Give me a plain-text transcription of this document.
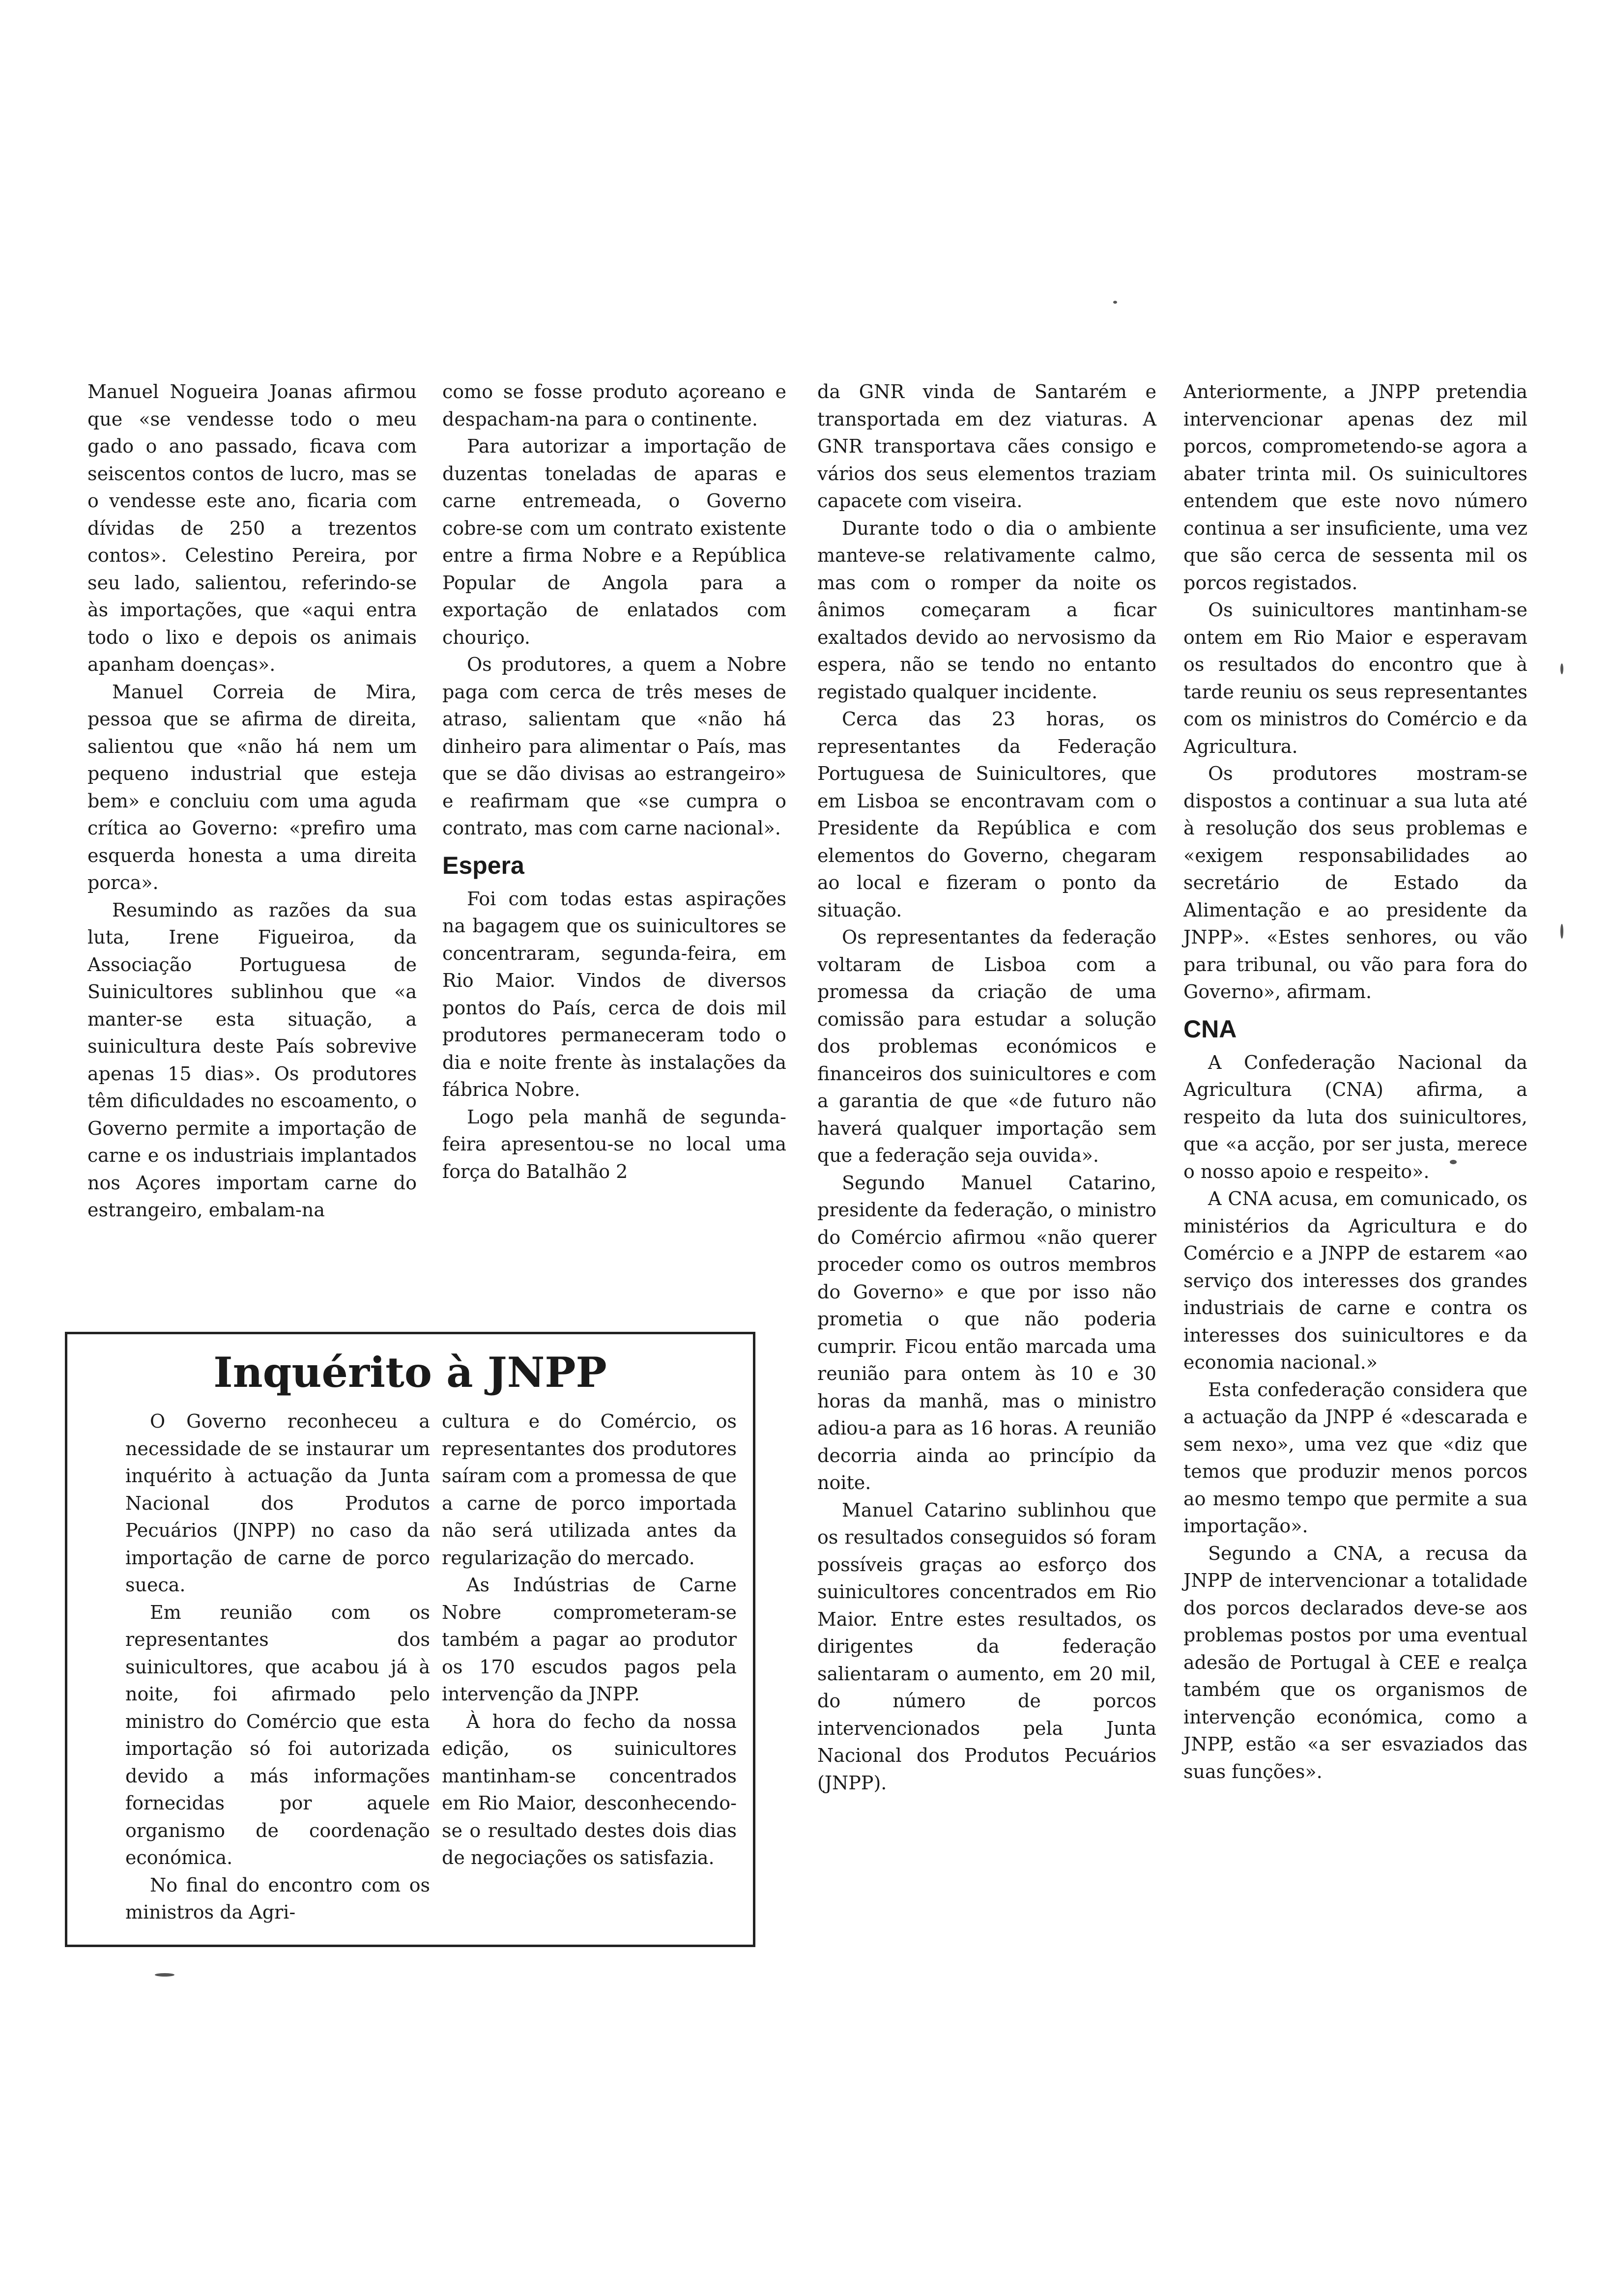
Manuel Nogueira Joanas afirmou que «se vendesse todo o meu gado o ano passado, ficava com seiscentos contos de lucro, mas se o vendesse este ano, ficaria com dívidas de 250 a trezentos contos». Celestino Pereira, por seu lado, salientou, referindo-se às importações, que «aqui entra todo o lixo e depois os animais apanham doenças».

Manuel Correia de Mira, pessoa que se afirma de direita, salientou que «não há nem um pequeno industrial que esteja bem» e concluiu com uma aguda crítica ao Governo: «prefiro uma esquerda honesta a uma direita porca».

Resumindo as razões da sua luta, Irene Figueiroa, da Associação Portuguesa de Suinicultores sublinhou que «a manter-se esta situação, a suinicultura deste País sobrevive apenas 15 dias». Os produtores têm dificuldades no escoamento, o Governo permite a importação de carne e os industriais implantados nos Açores importam carne do estrangeiro, embalam-na

como se fosse produto açoreano e despacham-na para o continente.

Para autorizar a importação de duzentas toneladas de aparas e carne entremeada, o Governo cobre-se com um contrato existente entre a firma Nobre e a República Popular de Angola para a exportação de enlatados com chouriço.

Os produtores, a quem a Nobre paga com cerca de três meses de atraso, salientam que «não há dinheiro para alimentar o País, mas que se dão divisas ao estrangeiro» e reafirmam que «se cumpra o contrato, mas com carne nacional».

Espera

Foi com todas estas aspirações na bagagem que os suinicultores se concentraram, segunda-feira, em Rio Maior. Vindos de diversos pontos do País, cerca de dois mil produtores permaneceram todo o dia e noite frente às instalações da fábrica Nobre.

Logo pela manhã de segunda-feira apresentou-se no local uma força do Batalhão 2

da GNR vinda de Santarém e transportada em dez viaturas. A GNR transportava cães consigo e vários dos seus elementos traziam capacete com viseira.

Durante todo o dia o ambiente manteve-se relativamente calmo, mas com o romper da noite os ânimos começaram a ficar exaltados devido ao nervosismo da espera, não se tendo no entanto registado qualquer incidente.

Cerca das 23 horas, os representantes da Federação Portuguesa de Suinicultores, que em Lisboa se encontravam com o Presidente da República e com elementos do Governo, chegaram ao local e fizeram o ponto da situação.

Os representantes da federação voltaram de Lisboa com a promessa da criação de uma comissão para estudar a solução dos problemas económicos e financeiros dos suinicultores e com a garantia de que «de futuro não haverá qualquer importação sem que a federação seja ouvida».

Segundo Manuel Catarino, presidente da federação, o ministro do Comércio afirmou «não querer proceder como os outros membros do Governo» e que por isso não prometia o que não poderia cumprir. Ficou então marcada uma reunião para ontem às 10 e 30 horas da manhã, mas o ministro adiou-a para as 16 horas. A reunião decorria ainda ao princípio da noite.

Manuel Catarino sublinhou que os resultados conseguidos só foram possíveis graças ao esforço dos suinicultores concentrados em Rio Maior. Entre estes resultados, os dirigentes da federação salientaram o aumento, em 20 mil, do número de porcos intervencionados pela Junta Nacional dos Produtos Pecuários (JNPP).

Anteriormente, a JNPP pretendia intervencionar apenas dez mil porcos, comprometendo-se agora a abater trinta mil. Os suinicultores entendem que este novo número continua a ser insuficiente, uma vez que são cerca de sessenta mil os porcos registados.

Os suinicultores mantinham-se ontem em Rio Maior e esperavam os resultados do encontro que à tarde reuniu os seus representantes com os ministros do Comércio e da Agricultura.

Os produtores mostram-se dispostos a continuar a sua luta até à resolução dos seus problemas e «exigem responsabilidades ao secretário de Estado da Alimentação e ao presidente da JNPP». «Estes senhores, ou vão para tribunal, ou vão para fora do Governo», afirmam.

CNA

A Confederação Nacional da Agricultura (CNA) afirma, a respeito da luta dos suinicultores, que «a acção, por ser justa, merece o nosso apoio e respeito».

A CNA acusa, em comunicado, os ministérios da Agricultura e do Comércio e a JNPP de estarem «ao serviço dos interesses dos grandes industriais de carne e contra os interesses dos suinicultores e da economia nacional.»

Esta confederação considera que a actuação da JNPP é «descarada e sem nexo», uma vez que «diz que temos que produzir menos porcos ao mesmo tempo que permite a sua importação».

Segundo a CNA, a recusa da JNPP de intervencionar a totalidade dos porcos declarados deve-se aos problemas postos por uma eventual adesão de Portugal à CEE e realça também que os organismos de intervenção económica, como a JNPP, estão «a ser esvaziados das suas funções».

Inquérito à JNPP

O Governo reconheceu a necessidade de se instaurar um inquérito à actuação da Junta Nacional dos Produtos Pecuários (JNPP) no caso da importação de carne de porco sueca.

Em reunião com os representantes dos suinicultores, que acabou já à noite, foi afirmado pelo ministro do Comércio que esta importação só foi autorizada devido a más informações fornecidas por aquele organismo de coordenação económica.

No final do encontro com os ministros da Agri-

cultura e do Comércio, os representantes dos produtores saíram com a promessa de que a carne de porco importada não será utilizada antes da regularização do mercado.

As Indústrias de Carne Nobre comprometeram-se também a pagar ao produtor os 170 escudos pagos pela intervenção da JNPP.

À hora do fecho da nossa edição, os suinicultores mantinham-se concentrados em Rio Maior, desconhecendo-se o resultado destes dois dias de negociações os satisfazia.
